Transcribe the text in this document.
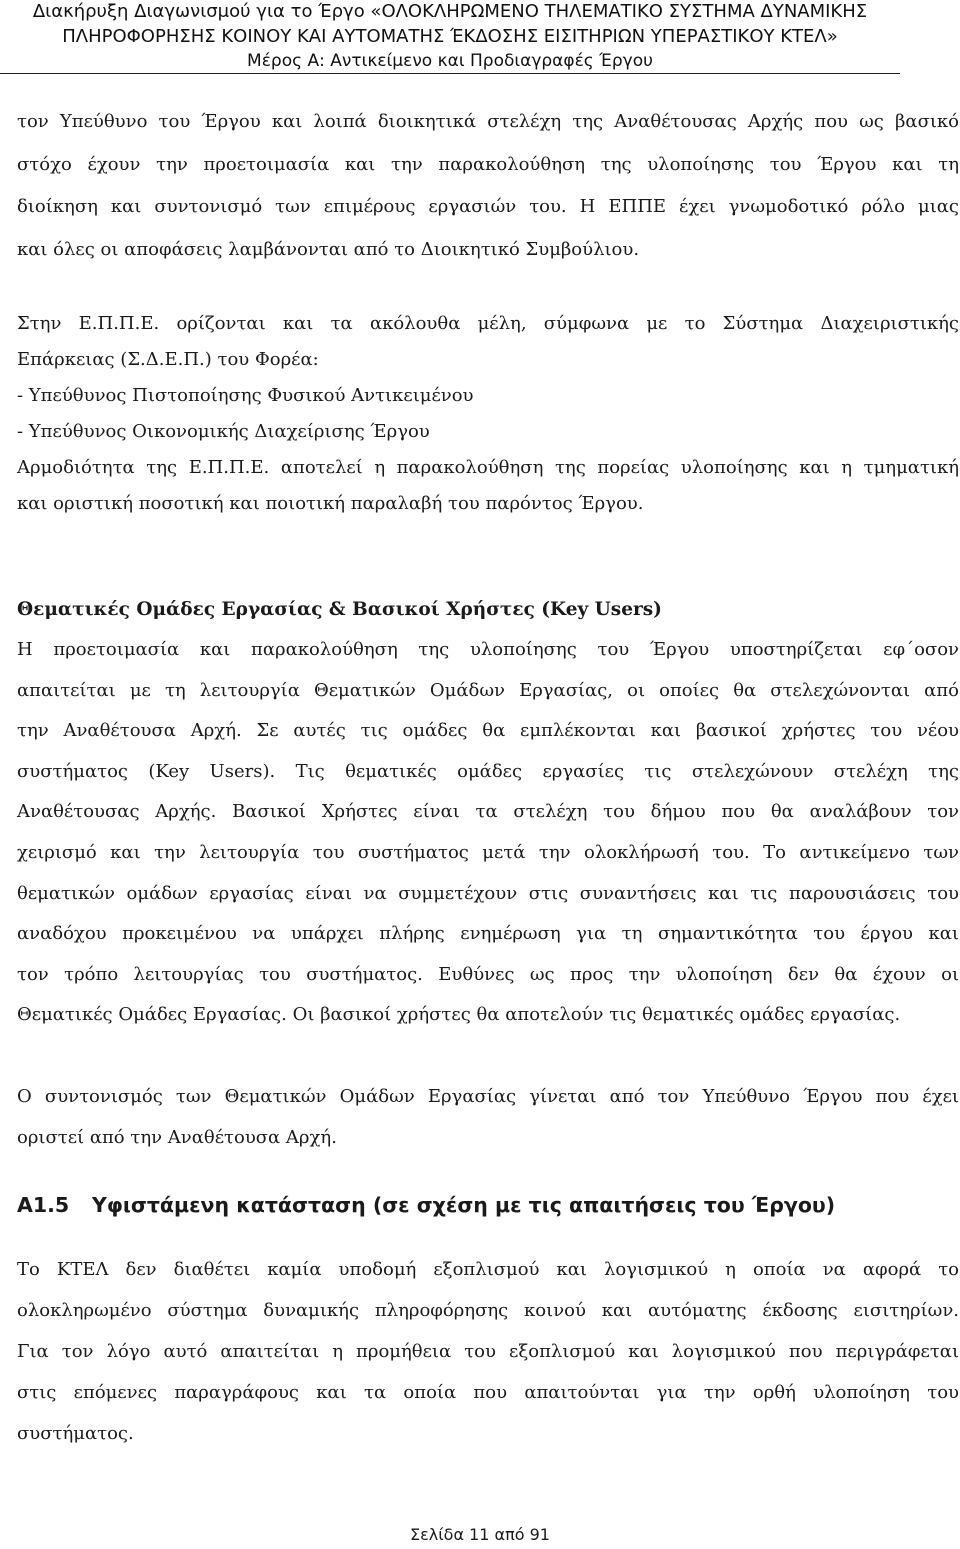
Διακήρυξη Διαγωνισμού για το Έργο «ΟΛΟΚΛΗΡΩΜΕΝΟ ΤΗΛΕΜΑΤΙΚΟ ΣΥΣΤΗΜΑ ΔΥΝΑΜΙΚΗΣ
ΠΛΗΡΟΦΟΡΗΣΗΣ ΚΟΙΝΟΥ ΚΑΙ ΑΥΤΟΜΑΤΗΣ ΈΚΔΟΣΗΣ ΕΙΣΙΤΗΡΙΩΝ ΥΠΕΡΑΣΤΙΚΟΥ ΚΤΕΛ»
Μέρος Α: Αντικείμενο και Προδιαγραφές Έργου
τον Υπεύθυνο του Έργου και λοιπά διοικητικά στελέχη της Αναθέτουσας Αρχής που ως βασικό
στόχο έχουν την προετοιμασία και την παρακολούθηση της υλοποίησης του Έργου και τη
διοίκηση και συντονισμό των επιμέρους εργασιών του. Η ΕΠΠΕ έχει γνωμοδοτικό ρόλο μιας
και όλες οι αποφάσεις λαμβάνονται από το Διοικητικό Συμβούλιου.
Στην Ε.Π.Π.Ε. ορίζονται και τα ακόλουθα μέλη, σύμφωνα με το Σύστημα Διαχειριστικής
Επάρκειας (Σ.Δ.Ε.Π.) του Φορέα:
- Υπεύθυνος Πιστοποίησης Φυσικού Αντικειμένου
- Υπεύθυνος Οικονομικής Διαχείρισης Έργου
Αρμοδιότητα της Ε.Π.Π.Ε. αποτελεί η παρακολούθηση της πορείας υλοποίησης και η τμηματική
και οριστική ποσοτική και ποιοτική παραλαβή του παρόντος Έργου.
Θεματικές Ομάδες Εργασίας & Βασικοί Χρήστες (Key Users)
Η προετοιμασία και παρακολούθηση της υλοποίησης του Έργου υποστηρίζεται εφ΄οσον
απαιτείται με τη λειτουργία Θεματικών Ομάδων Εργασίας, οι οποίες θα στελεχώνονται από
την Αναθέτουσα Αρχή. Σε αυτές τις ομάδες θα εμπλέκονται και βασικοί χρήστες του νέου
συστήματος (Key Users). Τις θεματικές ομάδες εργασίες τις στελεχώνουν στελέχη της
Αναθέτουσας Αρχής. Βασικοί Χρήστες είναι τα στελέχη του δήμου που θα αναλάβουν τον
χειρισμό και την λειτουργία του συστήματος μετά την ολοκλήρωσή του. Το αντικείμενο των
θεματικών ομάδων εργασίας είναι να συμμετέχουν στις συναντήσεις και τις παρουσιάσεις του
αναδόχου προκειμένου να υπάρχει πλήρης ενημέρωση για τη σημαντικότητα του έργου και
τον τρόπο λειτουργίας του συστήματος. Ευθύνες ως προς την υλοποίηση δεν θα έχουν οι
Θεματικές Ομάδες Εργασίας. Οι βασικοί χρήστες θα αποτελούν τις θεματικές ομάδες εργασίας.
Ο συντονισμός των Θεματικών Ομάδων Εργασίας γίνεται από τον Υπεύθυνο Έργου που έχει
οριστεί από την Αναθέτουσα Αρχή.
Α1.5 Υφιστάμενη κατάσταση (σε σχέση με τις απαιτήσεις του Έργου)
Το ΚΤΕΛ δεν διαθέτει καμία υποδομή εξοπλισμού και λογισμικού η οποία να αφορά το
ολοκληρωμένο σύστημα δυναμικής πληροφόρησης κοινού και αυτόματης έκδοσης εισιτηρίων.
Για τον λόγο αυτό απαιτείται η προμήθεια του εξοπλισμού και λογισμικού που περιγράφεται
στις επόμενες παραγράφους και τα οποία που απαιτούνται για την ορθή υλοποίηση του
συστήματος.
Σελίδα 11 από 91
